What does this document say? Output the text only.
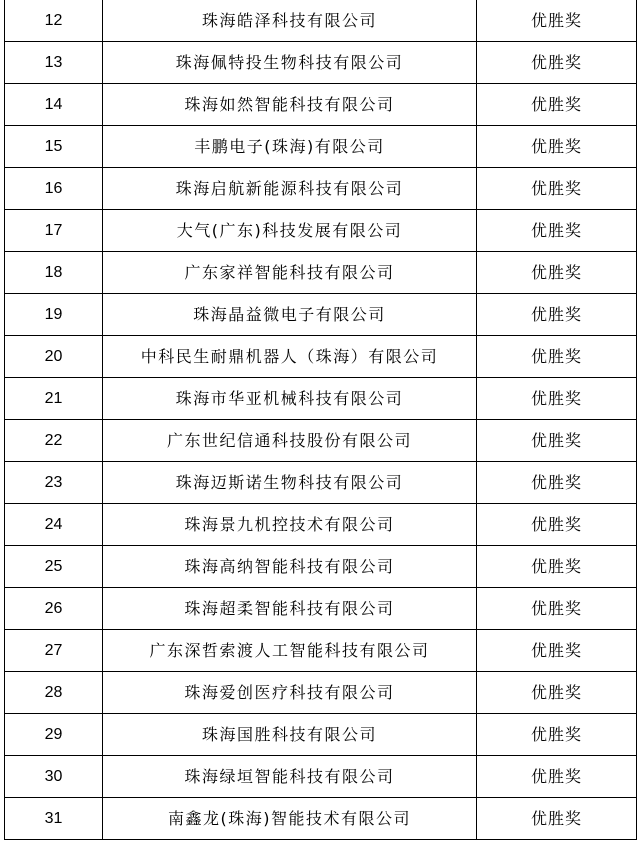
12	珠海皓泽科技有限公司	优胜奖
13	珠海佩特投生物科技有限公司	优胜奖
14	珠海如然智能科技有限公司	优胜奖
15	丰鹏电子(珠海)有限公司	优胜奖
16	珠海启航新能源科技有限公司	优胜奖
17	大气(广东)科技发展有限公司	优胜奖
18	广东家祥智能科技有限公司	优胜奖
19	珠海晶益微电子有限公司	优胜奖
20	中科民生耐鼎机器人（珠海）有限公司	优胜奖
21	珠海市华亚机械科技有限公司	优胜奖
22	广东世纪信通科技股份有限公司	优胜奖
23	珠海迈斯诺生物科技有限公司	优胜奖
24	珠海景九机控技术有限公司	优胜奖
25	珠海高纳智能科技有限公司	优胜奖
26	珠海超柔智能科技有限公司	优胜奖
27	广东深哲索渡人工智能科技有限公司	优胜奖
28	珠海爱创医疗科技有限公司	优胜奖
29	珠海国胜科技有限公司	优胜奖
30	珠海绿垣智能科技有限公司	优胜奖
31	南鑫龙(珠海)智能技术有限公司	优胜奖
